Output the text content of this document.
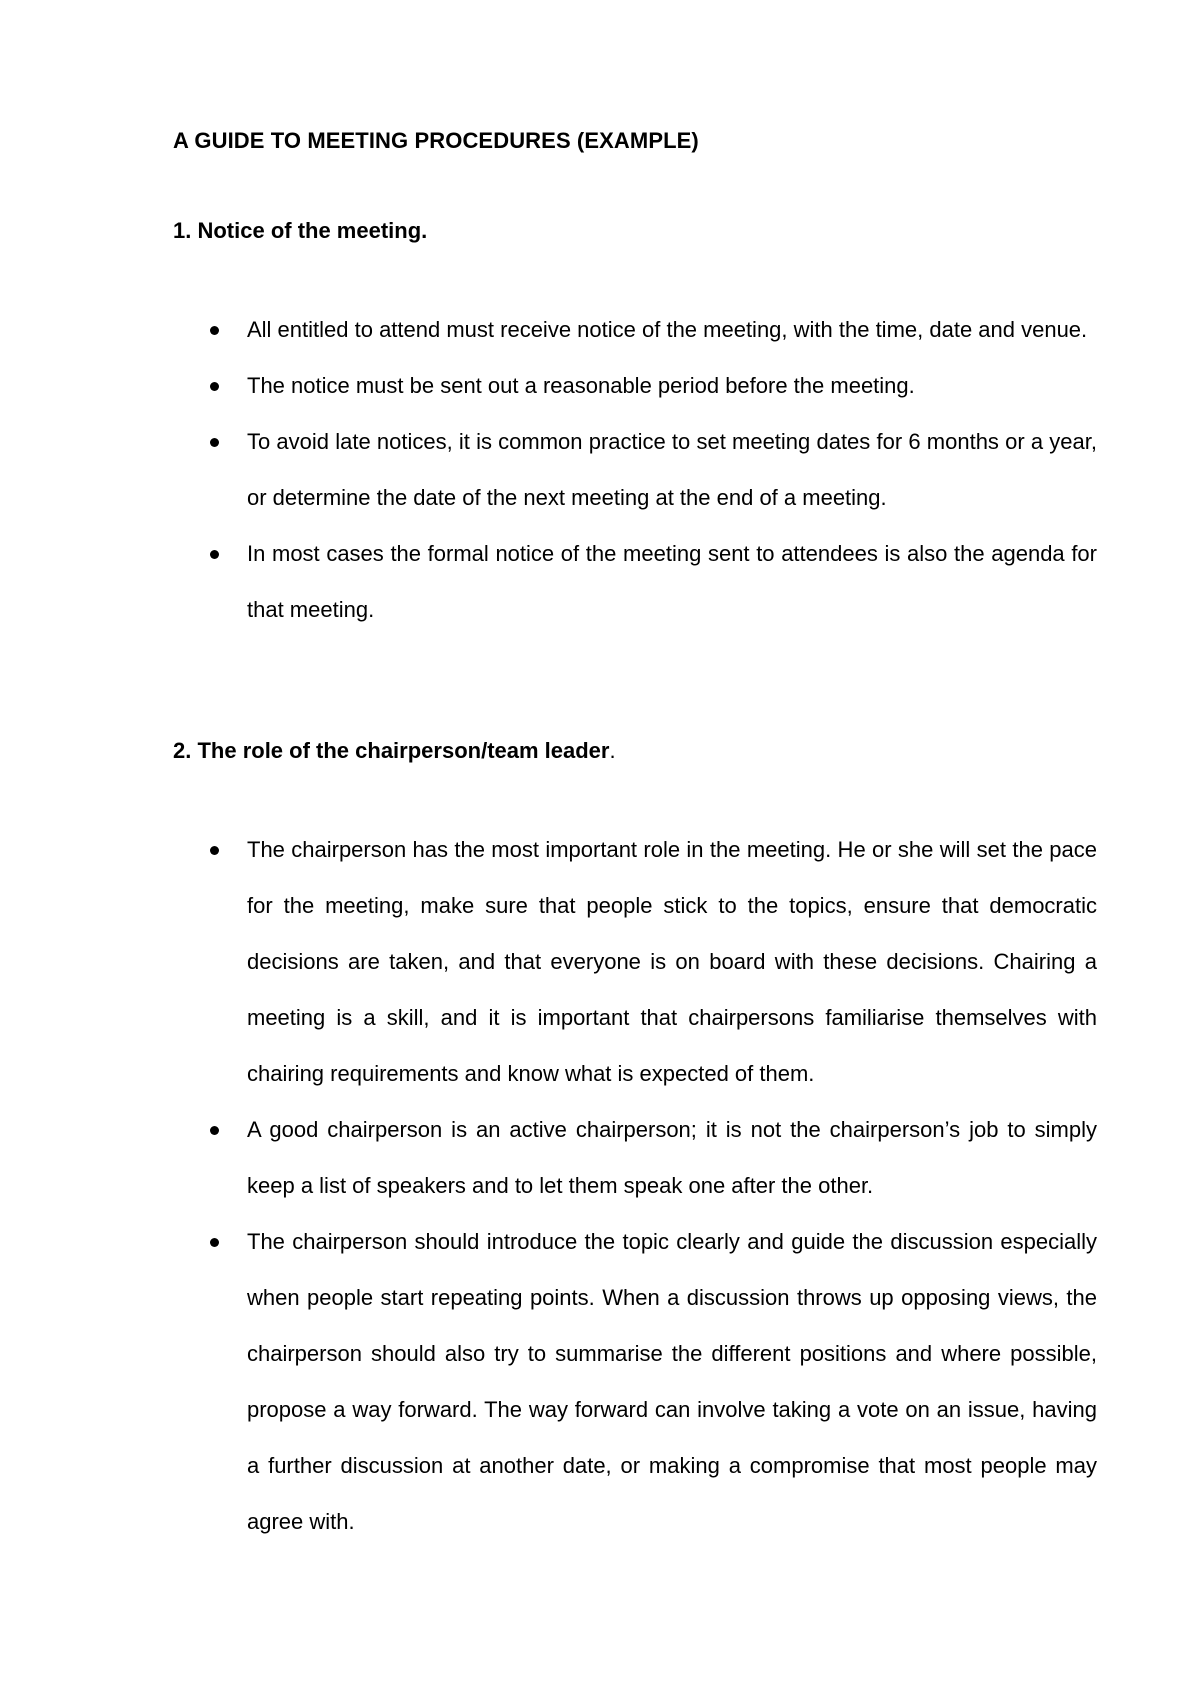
A GUIDE TO MEETING PROCEDURES (EXAMPLE)
1. Notice of the meeting.
All entitled to attend must receive notice of the meeting, with the time, date and venue.
The notice must be sent out a reasonable period before the meeting.
To avoid late notices, it is common practice to set meeting dates for 6 months or a year, or determine the date of the next meeting at the end of a meeting.
In most cases the formal notice of the meeting sent to attendees is also the agenda for that meeting.
2. The role of the chairperson/team leader.
The chairperson has the most important role in the meeting. He or she will set the pace for the meeting, make sure that people stick to the topics, ensure that democratic decisions are taken, and that everyone is on board with these decisions. Chairing a meeting is a skill, and it is important that chairpersons familiarise themselves with chairing requirements and know what is expected of them.
A good chairperson is an active chairperson; it is not the chairperson’s job to simply keep a list of speakers and to let them speak one after the other.
The chairperson should introduce the topic clearly and guide the discussion especially when people start repeating points. When a discussion throws up opposing views, the chairperson should also try to summarise the different positions and where possible, propose a way forward. The way forward can involve taking a vote on an issue, having a further discussion at another date, or making a compromise that most people may agree with.
